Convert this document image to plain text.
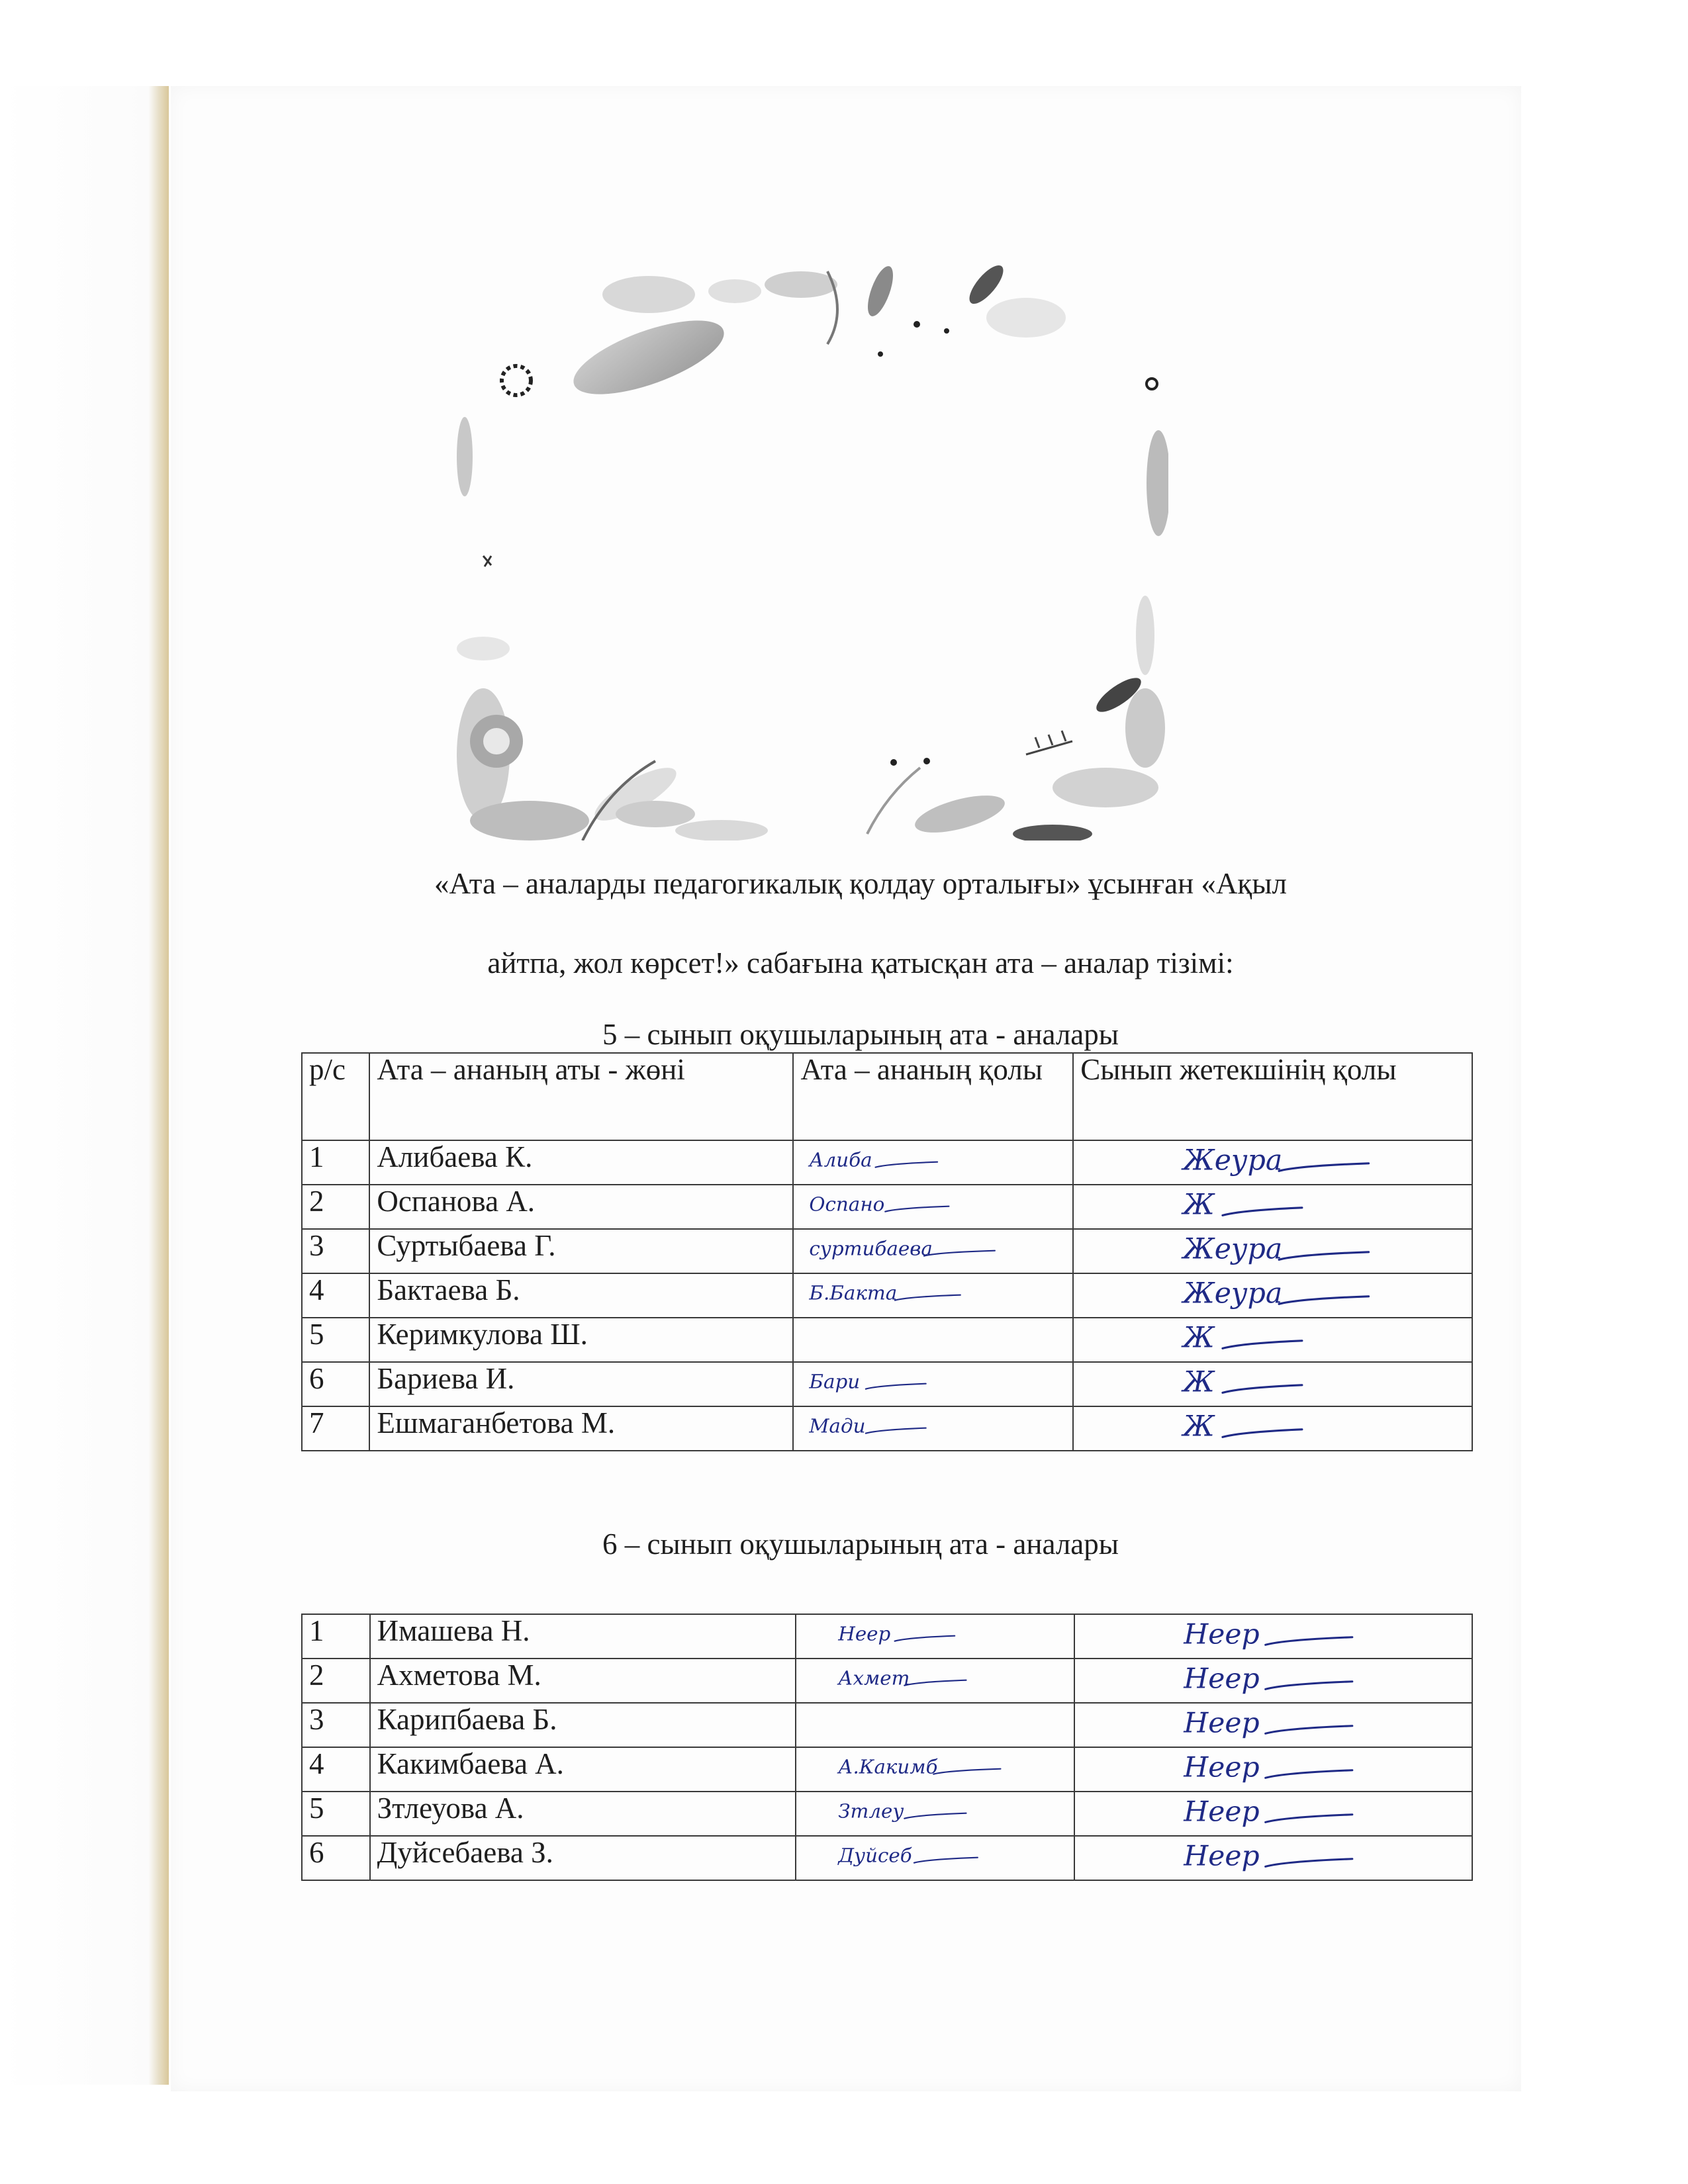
«Ата – аналарды педагогикалық қолдау орталығы» ұсынған «Ақыл

айтпа, жол көрсет!» сабағына қатысқан ата – аналар тізімі:

5 – сынып оқушыларының ата - аналары

р/с	Ата – ананың аты - жөні	Ата – ананың қолы	Сынып жетекшінің қолы
1	Алибаева К.	Алиба	Жеура

2	Оспанова А.	Оспано	Ж

3	Суртыбаева Г.	суртибаева	Жеура

4	Бактаева Б.	Б.Бакта	Жеура

5	Керимкулова Ш.		Ж

6	Бариева И.	Бари	Ж

7	Ешмаганбетова М.	Мади	Ж

6 – сынып оқушыларының ата - аналары

1	Имашева Н.	Неер	Неер

2	Ахметова М.	Ахмет	Неер

3	Карипбаева Б.		Неер

4	Какимбаева А.	А.Какимб	Неер

5	Зтлеуова А.	Зтлеу	Неер

6	Дуйсебаева З.	Дуйсеб	Неер
